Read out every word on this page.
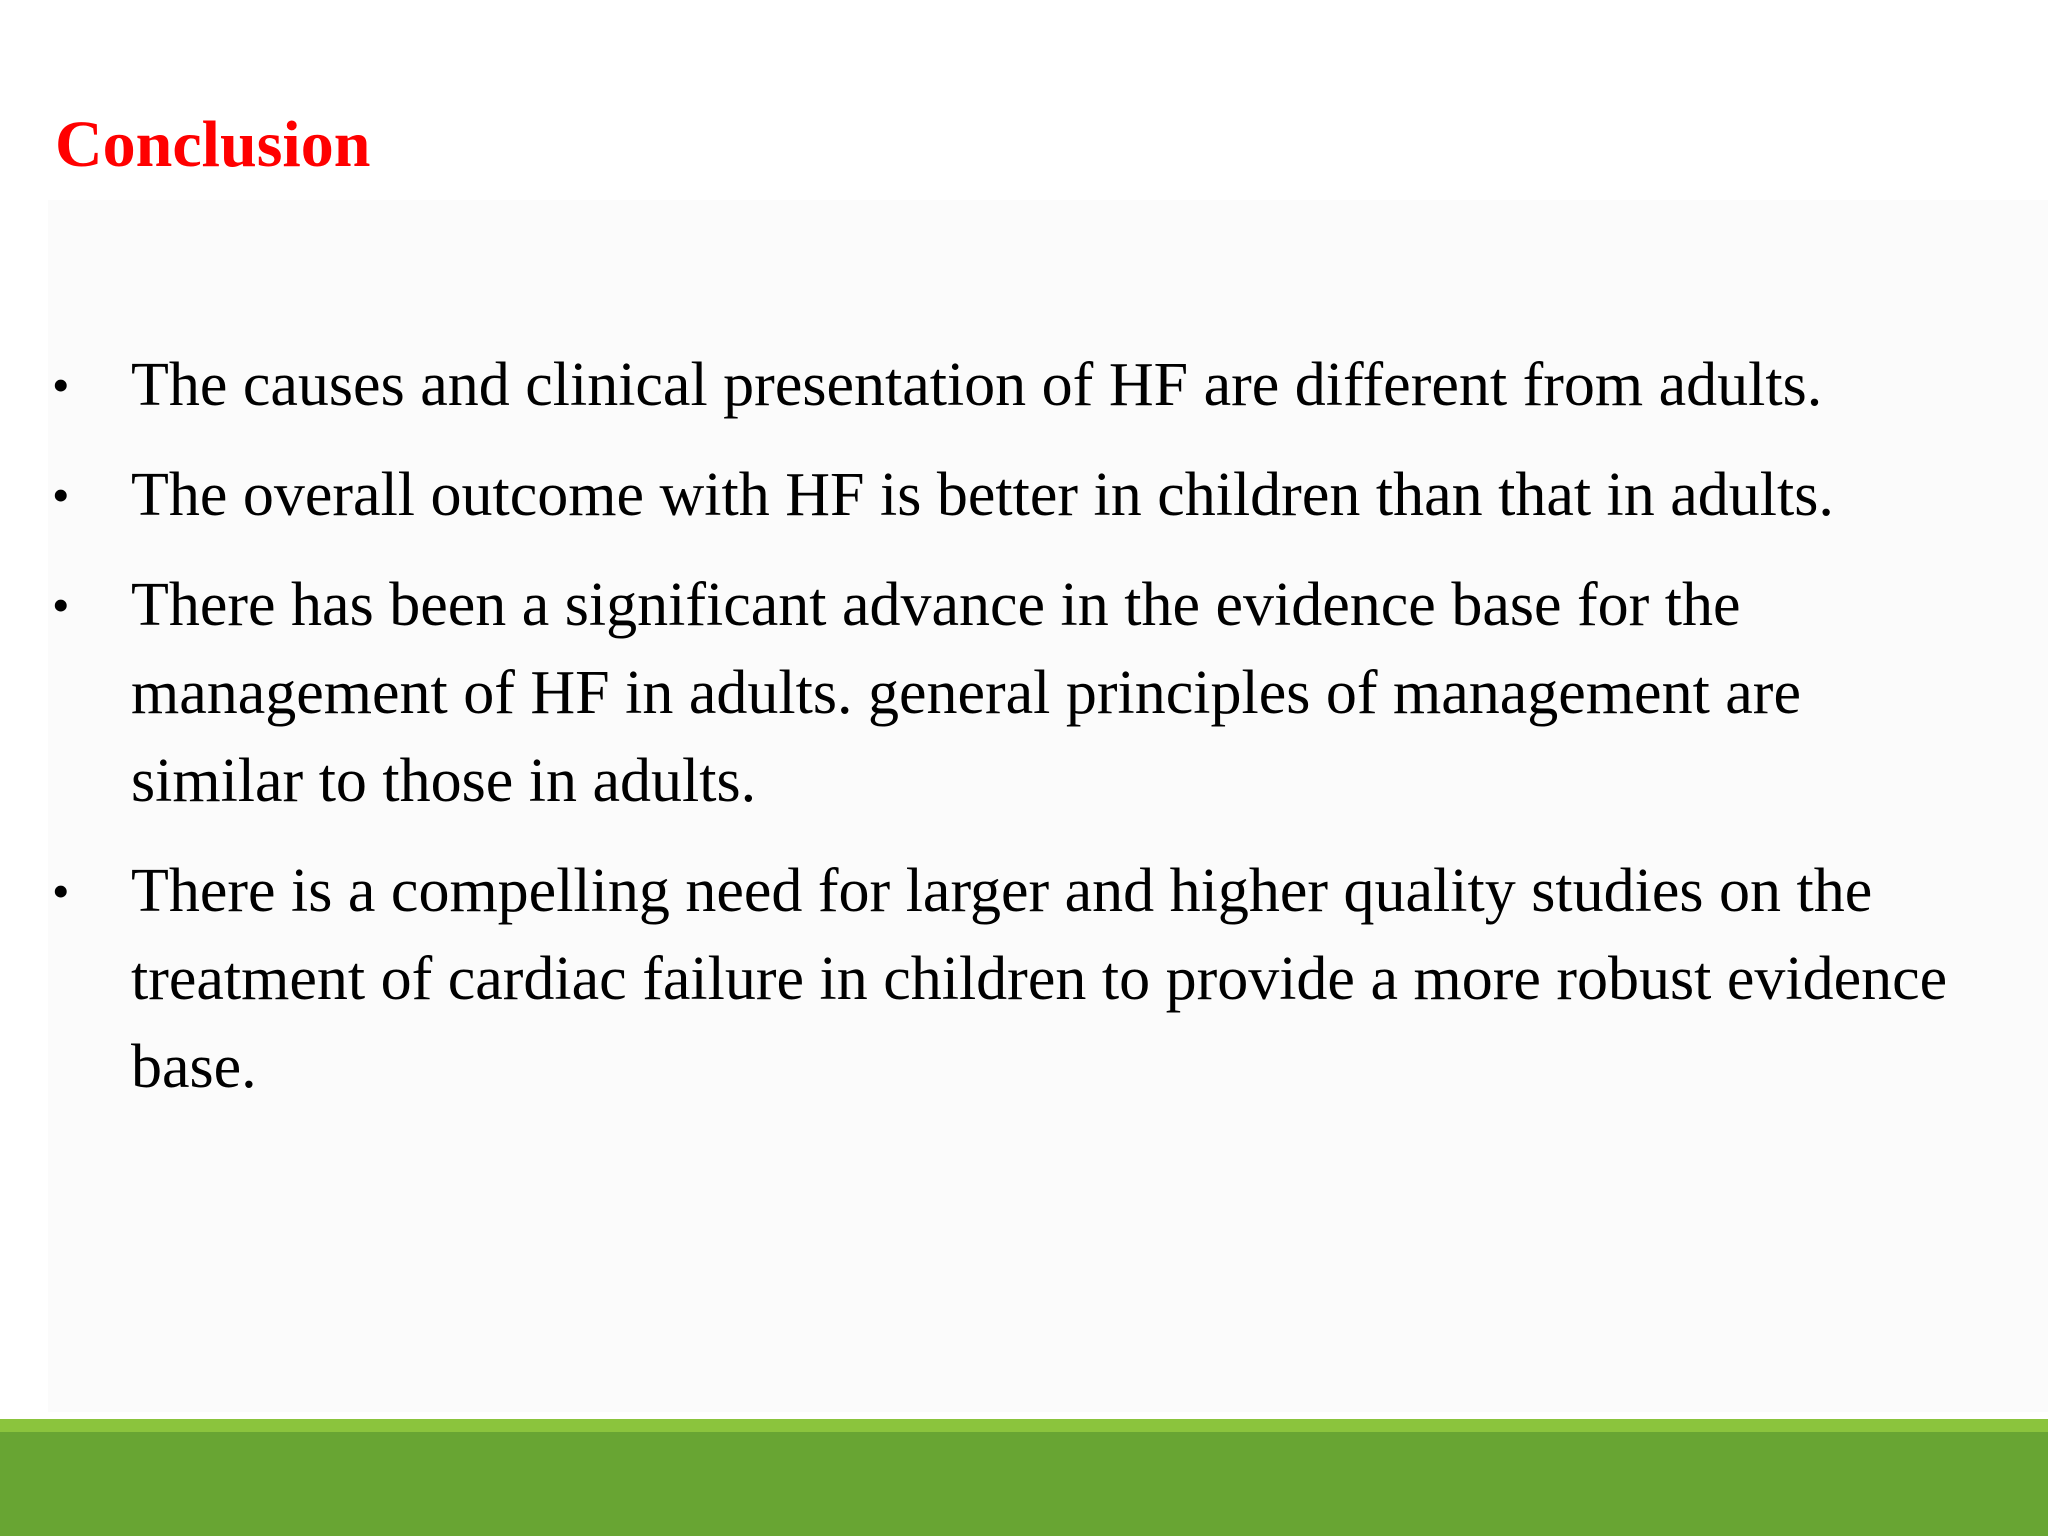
Conclusion
• The causes and clinical presentation of HF are different from adults.
• The overall outcome with HF is better in children than that in adults.
• There has been a significant advance in the evidence base for the management of HF in adults. general principles of management are similar to those in adults.
• There is a compelling need for larger and higher quality studies on the treatment of cardiac failure in children to provide a more robust evidence base.
